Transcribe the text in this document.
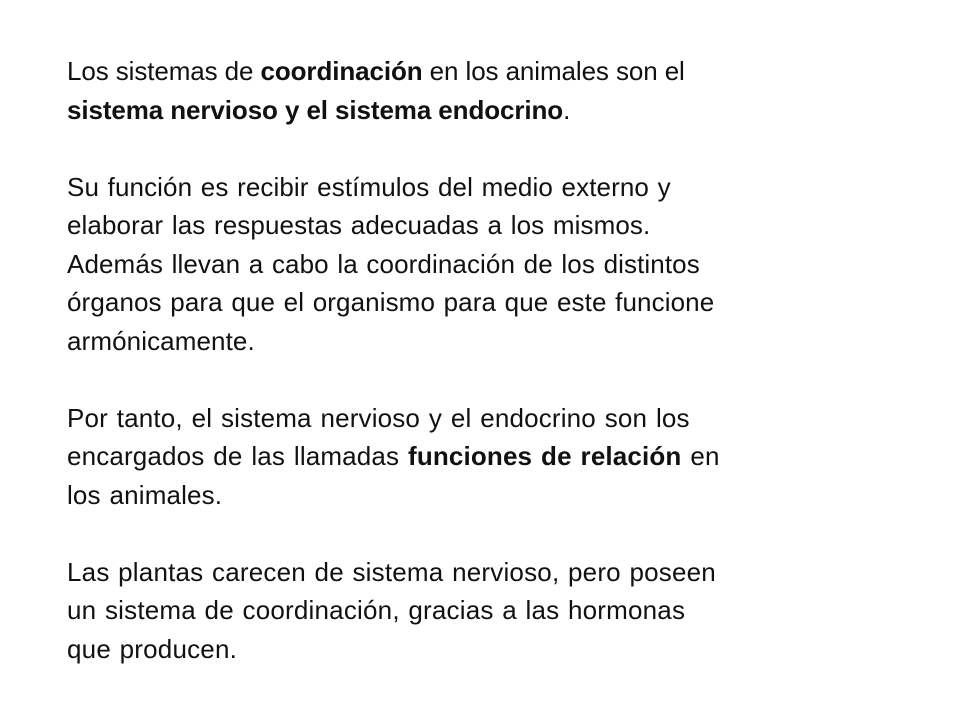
Los sistemas de coordinación en los animales son el
sistema nervioso y el sistema endocrino.
Su función es recibir estímulos del medio externo y
elaborar las respuestas adecuadas a los mismos.
Además llevan a cabo la coordinación de los distintos
órganos para que el organismo para que este funcione
armónicamente.
Por tanto, el sistema nervioso y el endocrino son los
encargados de las llamadas funciones de relación en
los animales.
Las plantas carecen de sistema nervioso, pero poseen
un sistema de coordinación, gracias a las hormonas
que producen.
